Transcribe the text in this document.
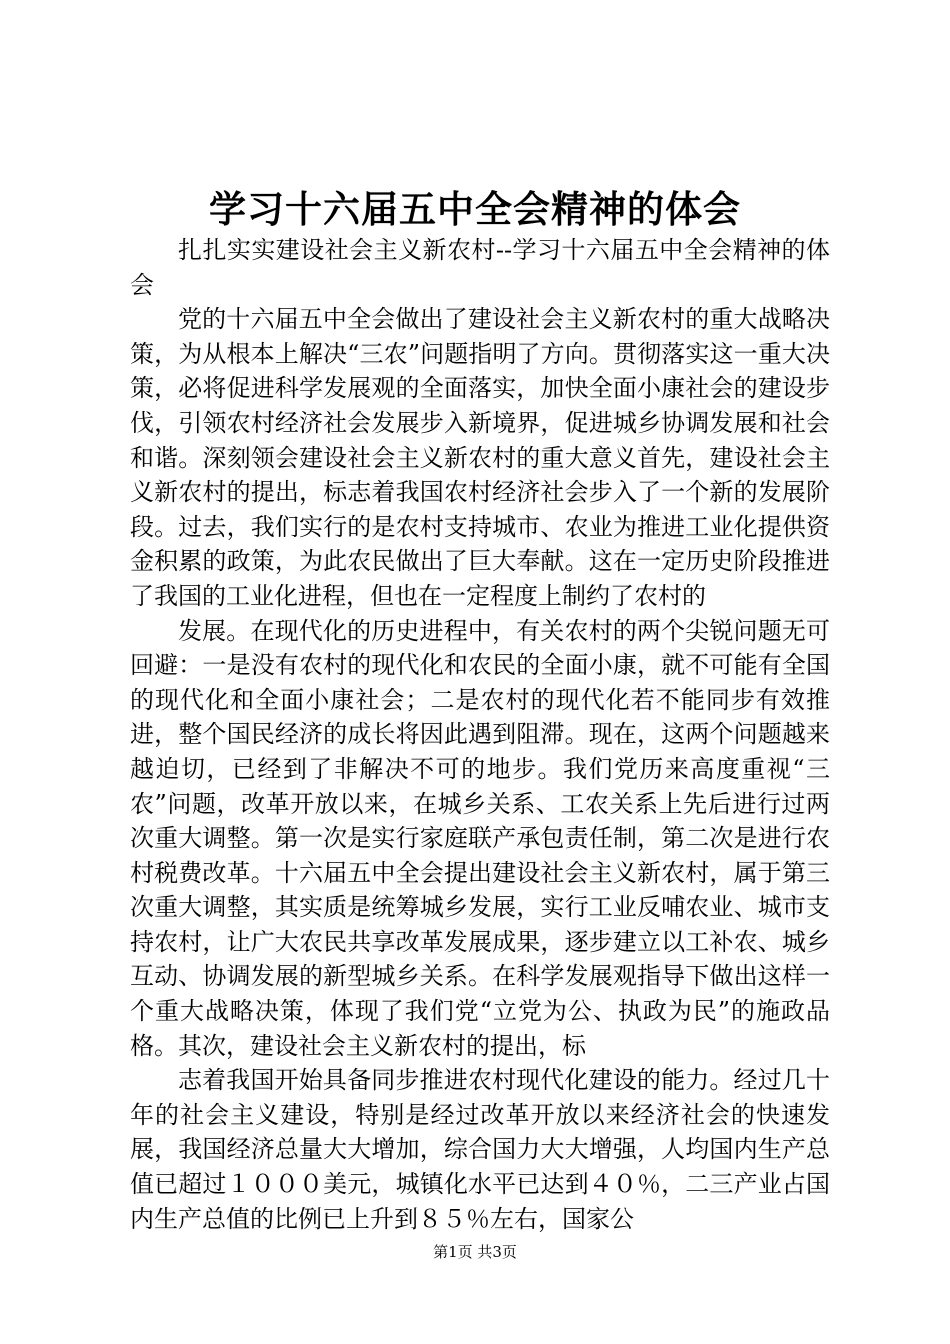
学习十六届五中全会精神的体会

扎扎实实建设社会主义新农村--学习十六届五中全会精神的体会

党的十六届五中全会做出了建设社会主义新农村的重大战略决策，为从根本上解决“三农”问题指明了方向。贯彻落实这一重大决策，必将促进科学发展观的全面落实，加快全面小康社会的建设步伐，引领农村经济社会发展步入新境界，促进城乡协调发展和社会和谐。深刻领会建设社会主义新农村的重大意义首先，建设社会主义新农村的提出，标志着我国农村经济社会步入了一个新的发展阶段。过去，我们实行的是农村支持城市、农业为推进工业化提供资金积累的政策，为此农民做出了巨大奉献。这在一定历史阶段推进了我国的工业化进程，但也在一定程度上制约了农村的

发展。在现代化的历史进程中，有关农村的两个尖锐问题无可回避：一是没有农村的现代化和农民的全面小康，就不可能有全国的现代化和全面小康社会；二是农村的现代化若不能同步有效推进，整个国民经济的成长将因此遇到阻滞。现在，这两个问题越来越迫切，已经到了非解决不可的地步。我们党历来高度重视“三农”问题，改革开放以来，在城乡关系、工农关系上先后进行过两次重大调整。第一次是实行家庭联产承包责任制，第二次是进行农村税费改革。十六届五中全会提出建设社会主义新农村，属于第三次重大调整，其实质是统筹城乡发展，实行工业反哺农业、城市支持农村，让广大农民共享改革发展成果，逐步建立以工补农、城乡互动、协调发展的新型城乡关系。在科学发展观指导下做出这样一个重大战略决策，体现了我们党“立党为公、执政为民”的施政品格。其次，建设社会主义新农村的提出，标

志着我国开始具备同步推进农村现代化建设的能力。经过几十年的社会主义建设，特别是经过改革开放以来经济社会的快速发展，我国经济总量大大增加，综合国力大大增强，人均国内生产总值已超过１０００美元，城镇化水平已达到４０％，二三产业占国内生产总值的比例已上升到８５％左右，国家公

第1页 共3页
